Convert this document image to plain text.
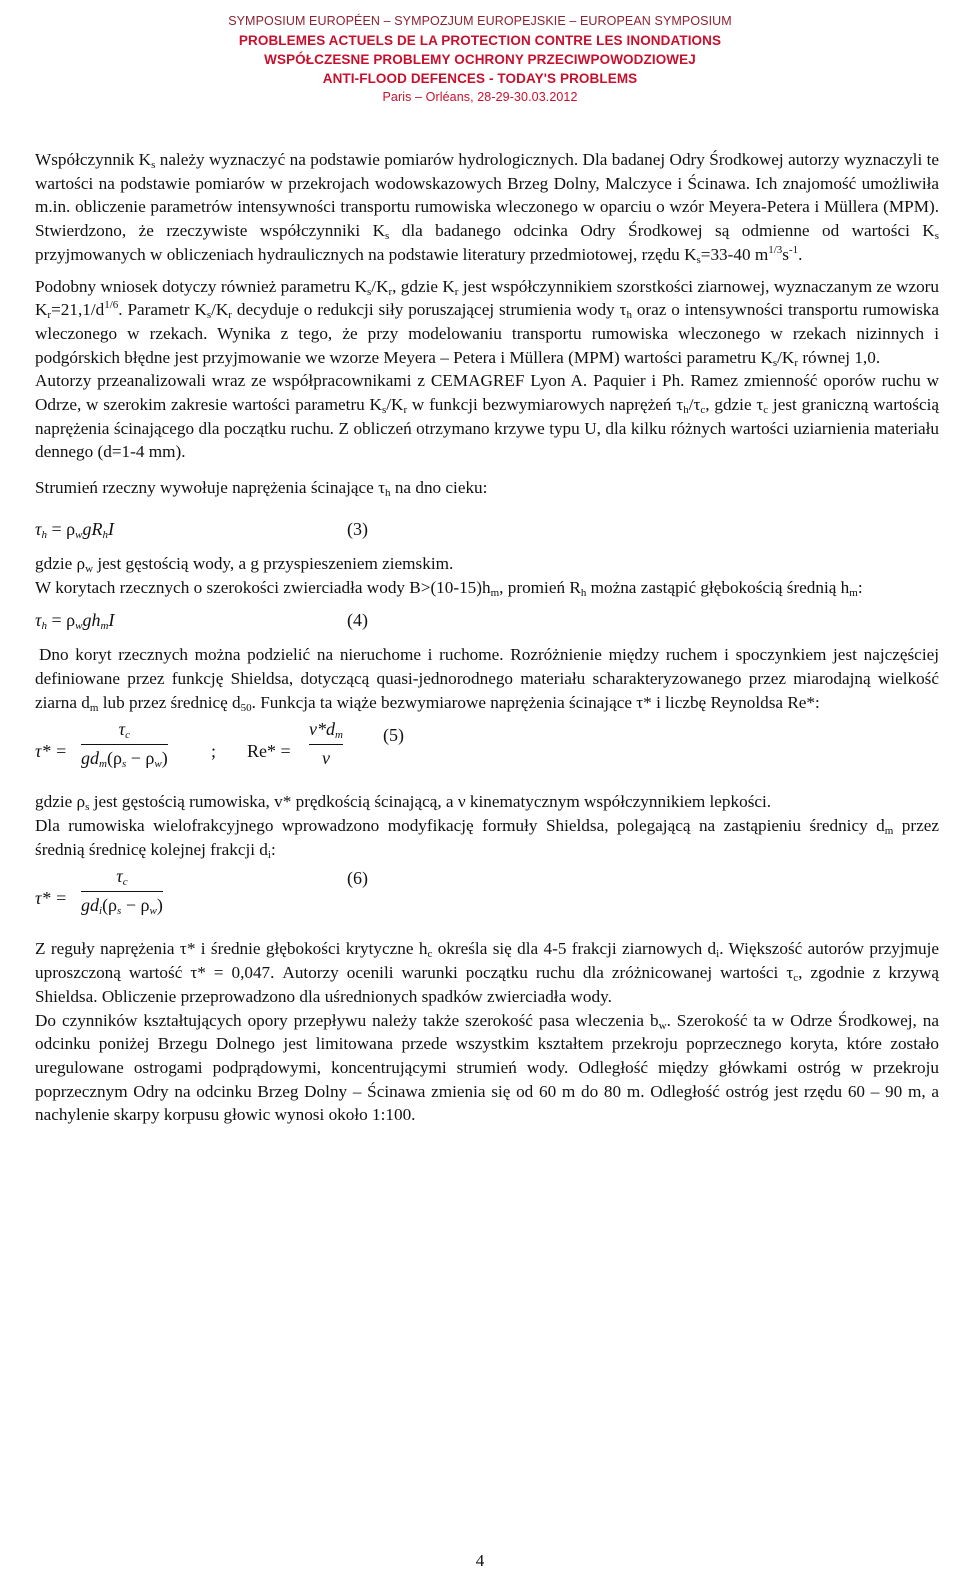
SYMPOSIUM EUROPÉEN – SYMPOZJUM EUROPEJSKIE – EUROPEAN SYMPOSIUM
PROBLEMES ACTUELS DE LA PROTECTION CONTRE LES INONDATIONS
WSPÓŁCZESNE PROBLEMY OCHRONY PRZECIWPOWODZIOWEJ
ANTI-FLOOD DEFENCES - TODAY'S PROBLEMS
Paris – Orléans, 28-29-30.03.2012

Współczynnik $K_s$ należy wyznaczyć na podstawie pomiarów hydrologicznych. Dla badanej Odry Środkowej autorzy wyznaczyli te wartości na podstawie pomiarów w przekrojach wodowskazowych Brzeg Dolny, Malczyce i Ścinawa. Ich znajomość umożliwiła m.in. obliczenie parametrów intensywności transportu rumowiska wleczonego w oparciu o wzór Meyera-Petera i Müllera (MPM). Stwierdzono, że rzeczywiste współczynniki $K_s$ dla badanego odcinka Odry Środkowej są odmienne od wartości $K_s$ przyjmowanych w obliczeniach hydraulicznych na podstawie literatury przedmiotowej, rzędu $K_s=33-40$ $m^{1/3}s^{-1}$.

Podobny wniosek dotyczy również parametru $K_s/K_r$, gdzie $K_r$ jest współczynnikiem szorstkości ziarnowej, wyznaczanym ze wzoru $K_r=21,1/d^{1/6}$. Parametr $K_s/K_r$ decyduje o redukcji siły poruszającej strumienia wody $\tau_h$ oraz o intensywności transportu rumowiska wleczonego w rzekach. Wynika z tego, że przy modelowaniu transportu rumowiska wleczonego w rzekach nizinnych i podgórskich błędne jest przyjmowanie we wzorze Meyera – Petera i Müllera (MPM) wartości parametru $K_s/K_r$ równej 1,0.

Autorzy przeanalizowali wraz ze współpracownikami z CEMAGREF Lyon A. Paquier i Ph. Ramez zmienność oporów ruchu w Odrze, w szerokim zakresie wartości parametru $K_s/K_r$ w funkcji bezwymiarowych naprężeń $\tau_h/\tau_c$, gdzie $\tau_c$ jest graniczną wartością naprężenia ścinającego dla początku ruchu. Z obliczeń otrzymano krzywe typu U, dla kilku różnych wartości uziarnienia materiału dennego (d=1-4 mm).

Strumień rzeczny wywołuje naprężenia ścinające $\tau_h$ na dno cieku:

$\tau_h = \rho_wgR_hI$	(3)

gdzie $\rho_w$ jest gęstością wody, a g przyspieszeniem ziemskim.

W korytach rzecznych o szerokości zwierciadła wody $B>(10-15)h_m$, promień $R_h$ można zastąpić głębokością średnią $h_m$:

$\tau_h = \rho_wgh_mI$	(4)

Dno koryt rzecznych można podzielić na nieruchome i ruchome. Rozróżnienie między ruchem i spoczynkiem jest najczęściej definiowane przez funkcję Shieldsa, dotyczącą quasi-jednorodnego materiału scharakteryzowanego przez miarodajną wielkość ziarna $d_m$ lub przez średnicę $d_{50}$. Funkcja ta wiąże bezwymiarowe naprężenia ścinające τ* i liczbę Reynoldsa Re*:

τ* =
$\tau_c$
$gd_m(\rho_s - \rho_w)$ ; $Re* = \frac{v*d_m}{\nu} (5)$

gdzie $\rho_s$ jest gęstością rumowiska, v* prędkością ścinającą, a ν kinematycznym współczynnikiem lepkości.

Dla rumowiska wielofrakcyjnego wprowadzono modyfikację formuły Shieldsa, polegającą na zastąpieniu średnicy $d_m$ przez średnią średnicę kolejnej frakcji $d_i$:

τ* =
$\tau_c$
$gd_i(\rho_s - \rho_w)$
(6)

Z reguły naprężenia τ* i średnie głębokości krytyczne $h_c$ określa się dla 4-5 frakcji ziarnowych $d_i$. Większość autorów przyjmuje uproszczoną wartość τ* = 0,047. Autorzy ocenili warunki początku ruchu dla zróżnicowanej wartości $\tau_c$, zgodnie z krzywą Shieldsa. Obliczenie przeprowadzono dla uśrednionych spadków zwierciadła wody.

Do czynników kształtujących opory przepływu należy także szerokość pasa wleczenia $b_w$. Szerokość ta w Odrze Środkowej, na odcinku poniżej Brzegu Dolnego jest limitowana przede wszystkim kształtem przekroju poprzecznego koryta, które zostało uregulowane ostrogami podprądowymi, koncentrującymi strumień wody. Odległość między główkami ostróg w przekroju poprzecznym Odry na odcinku Brzeg Dolny – Ścinawa zmienia się od 60 m do 80 m. Odległość ostróg jest rzędu 60 – 90 m, a nachylenie skarpy korpusu głowic wynosi około 1:100.

4
